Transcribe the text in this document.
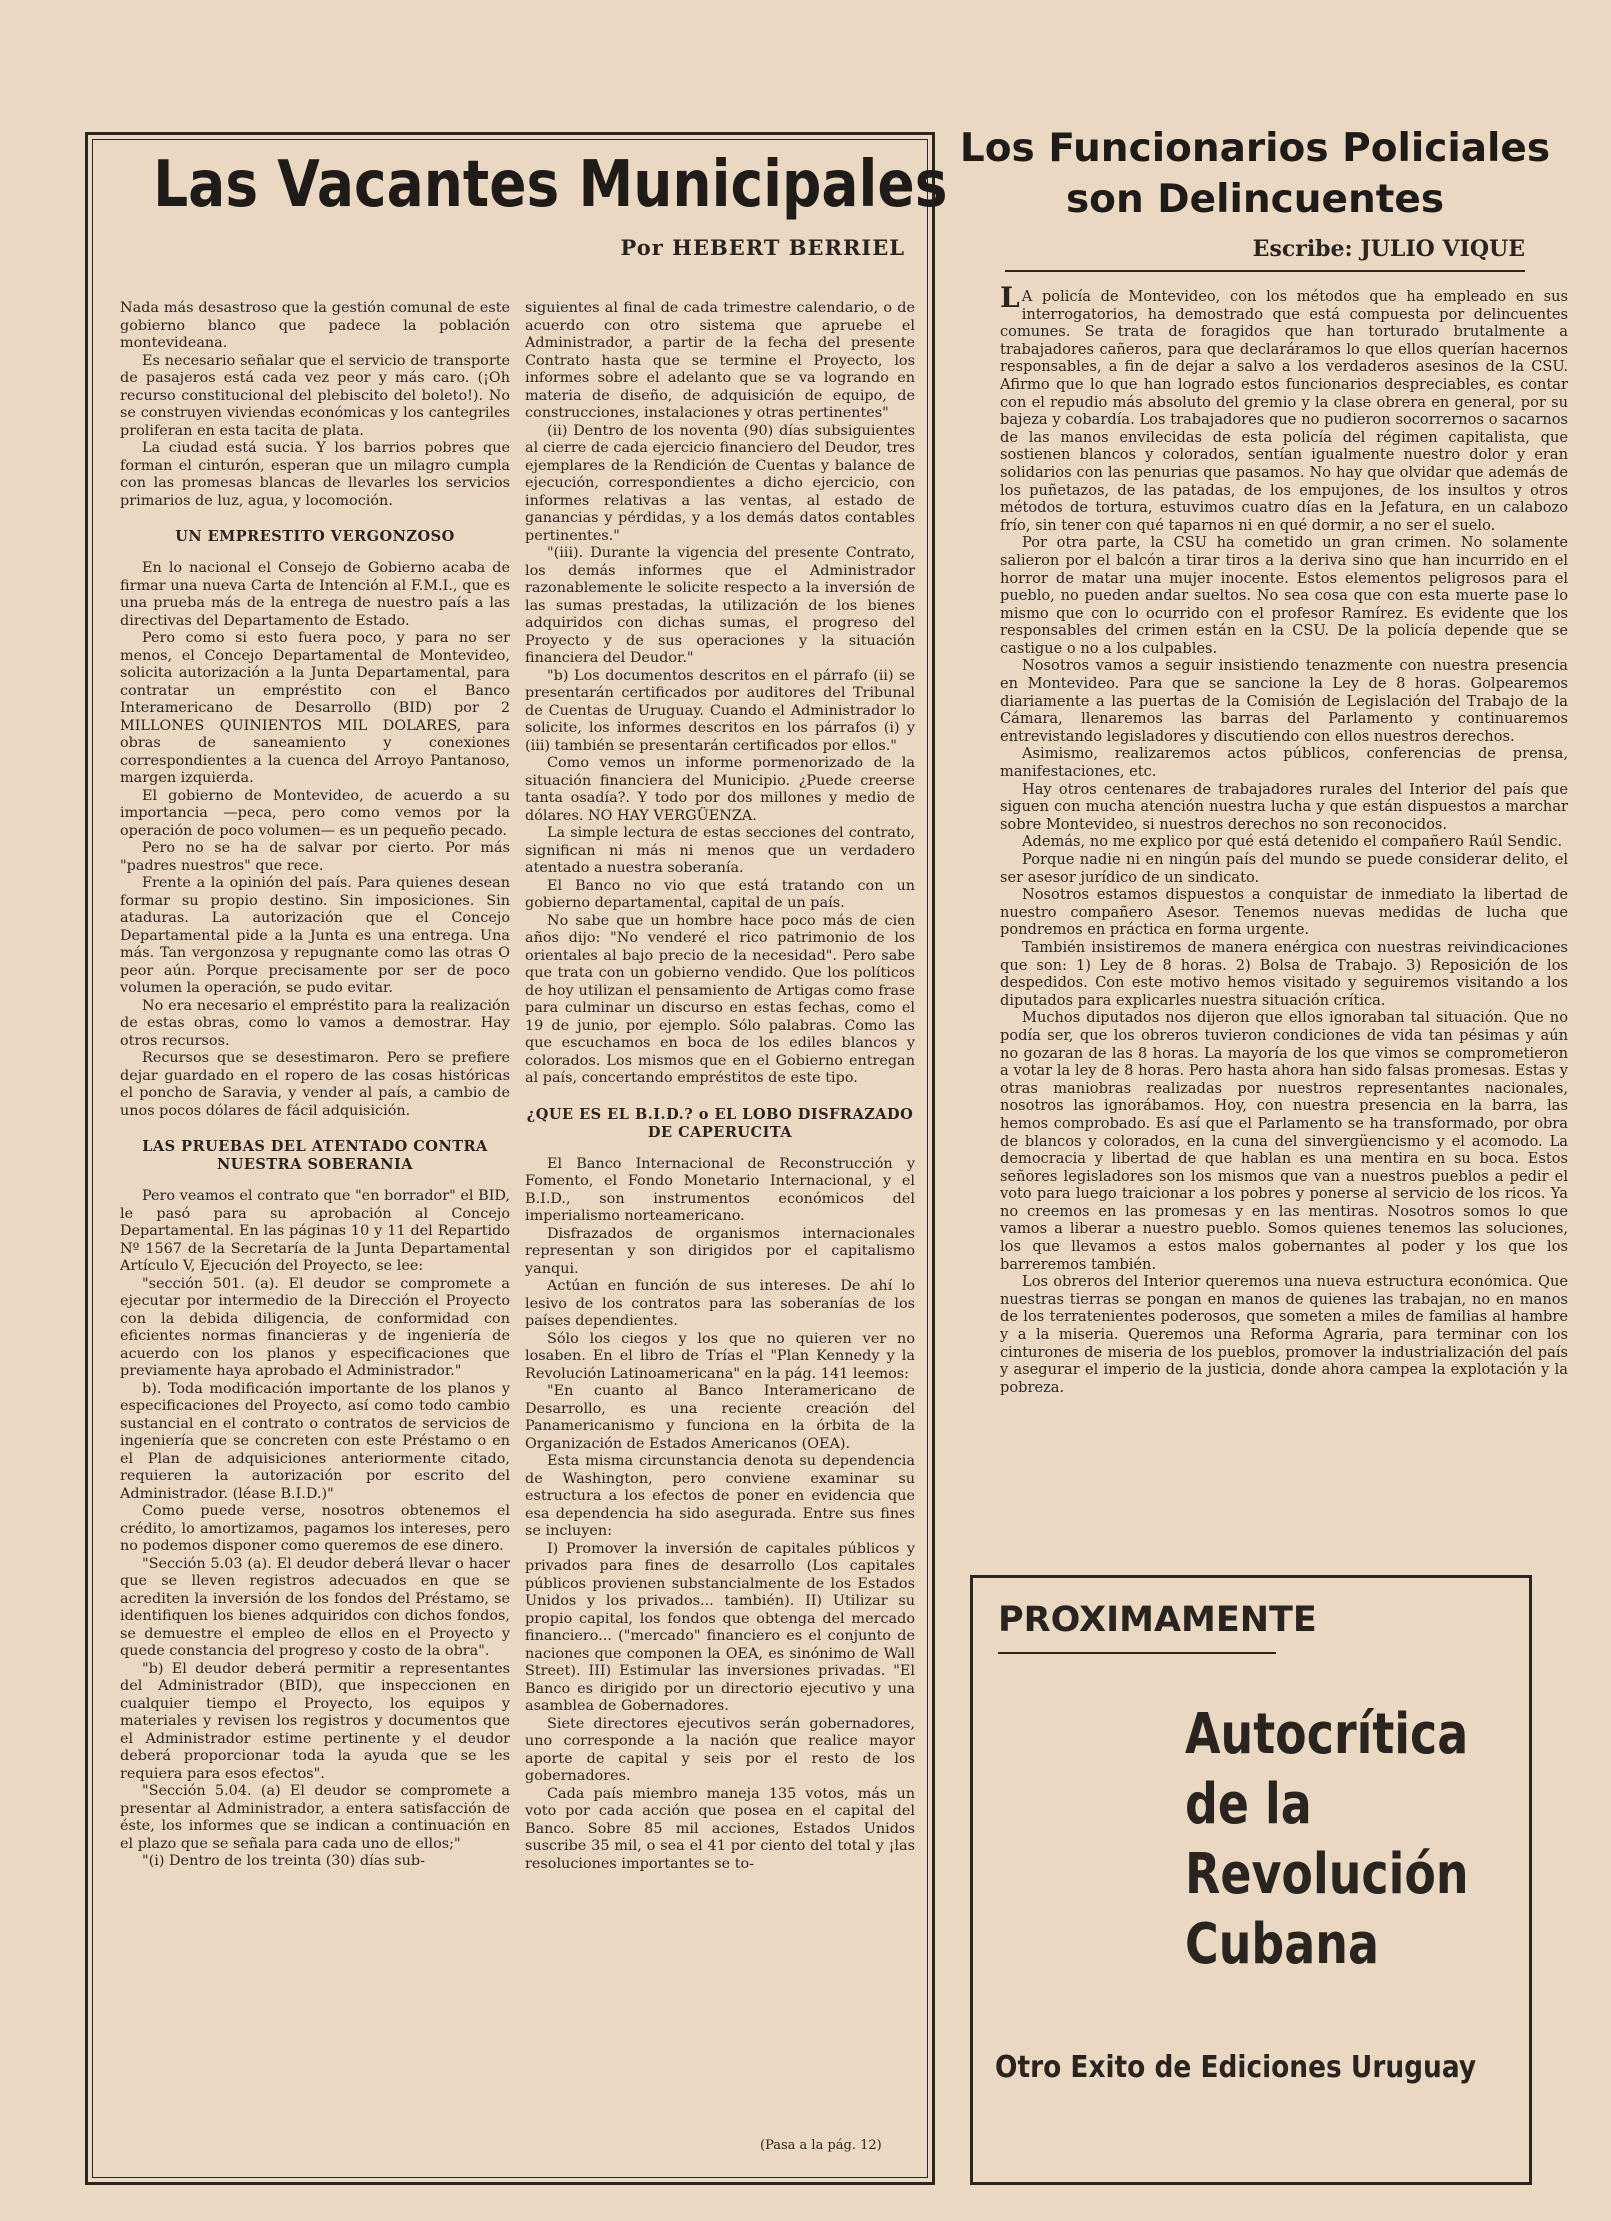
Las Vacantes Municipales
Por HEBERT BERRIEL

Nada más desastroso que la gestión comunal de este gobierno blanco que padece la población montevideana.

Es necesario señalar que el servicio de transporte de pasajeros está cada vez peor y más caro. (¡Oh recurso constitucional del plebiscito del boleto!). No se construyen viviendas económicas y los cantegriles proliferan en esta tacita de plata.

La ciudad está sucia. Y los barrios pobres que forman el cinturón, esperan que un milagro cumpla con las promesas blancas de llevarles los servicios primarios de luz, agua, y locomoción.

UN EMPRESTITO VERGONZOSO

En lo nacional el Consejo de Gobierno acaba de firmar una nueva Carta de Intención al F.M.I., que es una prueba más de la entrega de nuestro país a las directivas del Departamento de Estado.

Pero como si esto fuera poco, y para no ser menos, el Concejo Departamental de Montevideo, solicita autorización a la Junta Departamental, para contratar un empréstito con el Banco Interamericano de Desarrollo (BID) por 2 MILLONES QUINIENTOS MIL DOLARES, para obras de saneamiento y conexiones correspondientes a la cuenca del Arroyo Pantanoso, margen izquierda.

El gobierno de Montevideo, de acuerdo a su importancia —peca, pero como vemos por la operación de poco volumen— es un pequeño pecado.

Pero no se ha de salvar por cierto. Por más "padres nuestros" que rece.

Frente a la opinión del país. Para quienes desean formar su propio destino. Sin imposiciones. Sin ataduras. La autorización que el Concejo Departamental pide a la Junta es una entrega. Una más. Tan vergonzosa y repugnante como las otras O peor aún. Porque precisamente por ser de poco volumen la operación, se pudo evitar.

No era necesario el empréstito para la realización de estas obras, como lo vamos a demostrar. Hay otros recursos.

Recursos que se desestimaron. Pero se prefiere dejar guardado en el ropero de las cosas históricas el poncho de Saravia, y vender al país, a cambio de unos pocos dólares de fácil adquisición.

LAS PRUEBAS DEL ATENTADO CONTRA NUESTRA SOBERANIA

Pero veamos el contrato que "en borrador" el BID, le pasó para su aprobación al Concejo Departamental. En las páginas 10 y 11 del Repartido Nº 1567 de la Secretaría de la Junta Departamental Artículo V, Ejecución del Proyecto, se lee:

"sección 501. (a). El deudor se compromete a ejecutar por intermedio de la Dirección el Proyecto con la debida diligencia, de conformidad con eficientes normas financieras y de ingeniería de acuerdo con los planos y especificaciones que previamente haya aprobado el Administrador."

b). Toda modificación importante de los planos y especificaciones del Proyecto, así como todo cambio sustancial en el contrato o contratos de servicios de ingeniería que se concreten con este Préstamo o en el Plan de adquisiciones anteriormente citado, requieren la autorización por escrito del Administrador. (léase B.I.D.)"

Como puede verse, nosotros obtenemos el crédito, lo amortizamos, pagamos los intereses, pero no podemos disponer como queremos de ese dinero.

"Sección 5.03 (a). El deudor deberá llevar o hacer que se lleven registros adecuados en que se acrediten la inversión de los fondos del Préstamo, se identifiquen los bienes adquiridos con dichos fondos, se demuestre el empleo de ellos en el Proyecto y quede constancia del progreso y costo de la obra".

"b) El deudor deberá permitir a representantes del Administrador (BID), que inspeccionen en cualquier tiempo el Proyecto, los equipos y materiales y revisen los registros y documentos que el Administrador estime pertinente y el deudor deberá proporcionar toda la ayuda que se les requiera para esos efectos".

"Sección 5.04. (a) El deudor se compromete a presentar al Administrador, a entera satisfacción de éste, los informes que se indican a continuación en el plazo que se señala para cada uno de ellos;"

"(i) Dentro de los treinta (30) días sub-

siguientes al final de cada trimestre calendario, o de acuerdo con otro sistema que apruebe el Administrador, a partir de la fecha del presente Contrato hasta que se termine el Proyecto, los informes sobre el adelanto que se va logrando en materia de diseño, de adquisición de equipo, de construcciones, instalaciones y otras pertinentes"

(ii) Dentro de los noventa (90) días subsiguientes al cierre de cada ejercicio financiero del Deudor, tres ejemplares de la Rendición de Cuentas y balance de ejecución, correspondientes a dicho ejercicio, con informes relativas a las ventas, al estado de ganancias y pérdidas, y a los demás datos contables pertinentes."

"(iii). Durante la vigencia del presente Contrato, los demás informes que el Administrador razonablemente le solicite respecto a la inversión de las sumas prestadas, la utilización de los bienes adquiridos con dichas sumas, el progreso del Proyecto y de sus operaciones y la situación financiera del Deudor."

"b) Los documentos descritos en el párrafo (ii) se presentarán certificados por auditores del Tribunal de Cuentas de Uruguay. Cuando el Administrador lo solicite, los informes descritos en los párrafos (i) y (iii) también se presentarán certificados por ellos."

Como vemos un informe pormenorizado de la situación financiera del Municipio. ¿Puede creerse tanta osadía?. Y todo por dos millones y medio de dólares. NO HAY VERGÜENZA.

La simple lectura de estas secciones del contrato, significan ni más ni menos que un verdadero atentado a nuestra soberanía.

El Banco no vio que está tratando con un gobierno departamental, capital de un país.

No sabe que un hombre hace poco más de cien años dijo: "No venderé el rico patrimonio de los orientales al bajo precio de la necesidad". Pero sabe que trata con un gobierno vendido. Que los políticos de hoy utilizan el pensamiento de Artigas como frase para culminar un discurso en estas fechas, como el 19 de junio, por ejemplo. Sólo palabras. Como las que escuchamos en boca de los ediles blancos y colorados. Los mismos que en el Gobierno entregan al país, concertando empréstitos de este tipo.

¿QUE ES EL B.I.D.? o EL LOBO DISFRAZADO DE CAPERUCITA

El Banco Internacional de Reconstrucción y Fomento, el Fondo Monetario Internacional, y el B.I.D., son instrumentos económicos del imperialismo norteamericano.

Disfrazados de organismos internacionales representan y son dirigidos por el capitalismo yanqui.

Actúan en función de sus intereses. De ahí lo lesivo de los contratos para las soberanías de los países dependientes.

Sólo los ciegos y los que no quieren ver no losaben. En el libro de Trías el "Plan Kennedy y la Revolución Latinoamericana" en la pág. 141 leemos:

"En cuanto al Banco Interamericano de Desarrollo, es una reciente creación del Panamericanismo y funciona en la órbita de la Organización de Estados Americanos (OEA).

Esta misma circunstancia denota su dependencia de Washington, pero conviene examinar su estructura a los efectos de poner en evidencia que esa dependencia ha sido asegurada. Entre sus fines se incluyen:

I) Promover la inversión de capitales públicos y privados para fines de desarrollo (Los capitales públicos provienen substancialmente de los Estados Unidos y los privados... también). II) Utilizar su propio capital, los fondos que obtenga del mercado financiero... ("mercado" financiero es el conjunto de naciones que componen la OEA, es sinónimo de Wall Street). III) Estimular las inversiones privadas. "El Banco es dirigido por un directorio ejecutivo y una asamblea de Gobernadores.

Siete directores ejecutivos serán gobernadores, uno corresponde a la nación que realice mayor aporte de capital y seis por el resto de los gobernadores.

Cada país miembro maneja 135 votos, más un voto por cada acción que posea en el capital del Banco. Sobre 85 mil acciones, Estados Unidos suscribe 35 mil, o sea el 41 por ciento del total y ¡las resoluciones importantes se to-

(Pasa a la pág. 12)
Los Funcionarios Policiales
son Delincuentes
Escribe: JULIO VIQUE

L A policía de Montevideo, con los métodos que ha empleado en sus interrogatorios, ha demostrado que está compuesta por delincuentes comunes. Se trata de foragidos que han torturado brutalmente a trabajadores cañeros, para que declaráramos lo que ellos querían hacernos responsables, a fin de dejar a salvo a los verdaderos asesinos de la CSU. Afirmo que lo que han logrado estos funcionarios despreciables, es contar con el repudio más absoluto del gremio y la clase obrera en general, por su bajeza y cobardía. Los trabajadores que no pudieron socorrernos o sacarnos de las manos envilecidas de esta policía del régimen capitalista, que sostienen blancos y colorados, sentían igualmente nuestro dolor y eran solidarios con las penurias que pasamos. No hay que olvidar que además de los puñetazos, de las patadas, de los empujones, de los insultos y otros métodos de tortura, estuvimos cuatro días en la Jefatura, en un calabozo frío, sin tener con qué taparnos ni en qué dormir, a no ser el suelo.

Por otra parte, la CSU ha cometido un gran crimen. No solamente salieron por el balcón a tirar tiros a la deriva sino que han incurrido en el horror de matar una mujer inocente. Estos elementos peligrosos para el pueblo, no pueden andar sueltos. No sea cosa que con esta muerte pase lo mismo que con lo ocurrido con el profesor Ramírez. Es evidente que los responsables del crimen están en la CSU. De la policía depende que se castigue o no a los culpables.

Nosotros vamos a seguir insistiendo tenazmente con nuestra presencia en Montevideo. Para que se sancione la Ley de 8 horas. Golpearemos diariamente a las puertas de la Comisión de Legislación del Trabajo de la Cámara, llenaremos las barras del Parlamento y continuaremos entrevistando legisladores y discutiendo con ellos nuestros derechos.

Asimismo, realizaremos actos públicos, conferencias de prensa, manifestaciones, etc.

Hay otros centenares de trabajadores rurales del Interior del país que siguen con mucha atención nuestra lucha y que están dispuestos a marchar sobre Montevideo, si nuestros derechos no son reconocidos.

Además, no me explico por qué está detenido el compañero Raúl Sendic.

Porque nadie ni en ningún país del mundo se puede considerar delito, el ser asesor jurídico de un sindicato.

Nosotros estamos dispuestos a conquistar de inmediato la libertad de nuestro compañero Asesor. Tenemos nuevas medidas de lucha que pondremos en práctica en forma urgente.

También insistiremos de manera enérgica con nuestras reivindicaciones que son: 1) Ley de 8 horas. 2) Bolsa de Trabajo. 3) Reposición de los despedidos. Con este motivo hemos visitado y seguiremos visitando a los diputados para explicarles nuestra situación crítica.

Muchos diputados nos dijeron que ellos ignoraban tal situación. Que no podía ser, que los obreros tuvieron condiciones de vida tan pésimas y aún no gozaran de las 8 horas. La mayoría de los que vimos se comprometieron a votar la ley de 8 horas. Pero hasta ahora han sido falsas promesas. Estas y otras maniobras realizadas por nuestros representantes nacionales, nosotros las ignorábamos. Hoy, con nuestra presencia en la barra, las hemos comprobado. Es así que el Parlamento se ha transformado, por obra de blancos y colorados, en la cuna del sinvergüencismo y el acomodo. La democracia y libertad de que hablan es una mentira en su boca. Estos señores legisladores son los mismos que van a nuestros pueblos a pedir el voto para luego traicionar a los pobres y ponerse al servicio de los ricos. Ya no creemos en las promesas y en las mentiras. Nosotros somos lo que vamos a liberar a nuestro pueblo. Somos quienes tenemos las soluciones, los que llevamos a estos malos gobernantes al poder y los que los barreremos también.

Los obreros del Interior queremos una nueva estructura económica. Que nuestras tierras se pongan en manos de quienes las trabajan, no en manos de los terratenientes poderosos, que someten a miles de familias al hambre y a la miseria. Queremos una Reforma Agraria, para terminar con los cinturones de miseria de los pueblos, promover la industrialización del país y asegurar el imperio de la justicia, donde ahora campea la explotación y la pobreza.

PROXIMAMENTE
Autocrítica
de la
Revolución
Cubana
Otro Exito de Ediciones Uruguay
